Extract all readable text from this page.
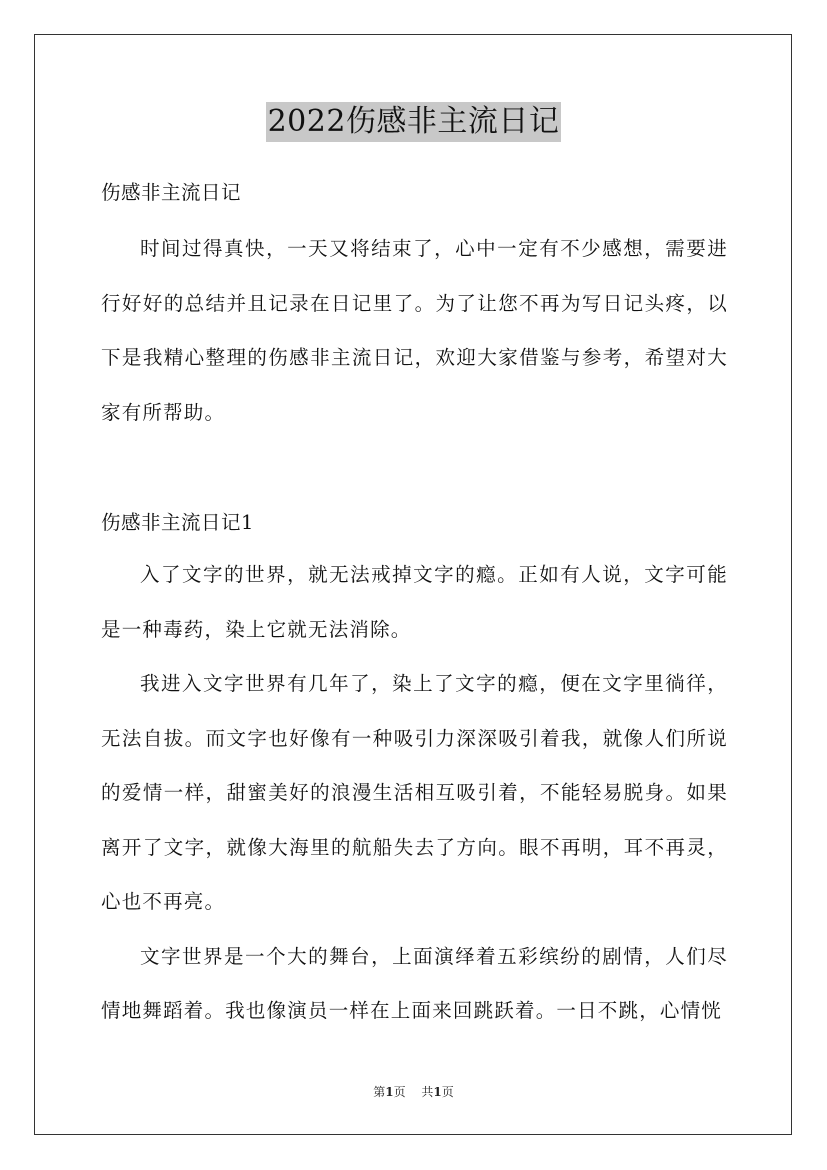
2022伤感非主流日记

伤感非主流日记

时间过得真快，一天又将结束了，心中一定有不少感想，需要进行好好的总结并且记录在日记里了。为了让您不再为写日记头疼，以下是我精心整理的伤感非主流日记，欢迎大家借鉴与参考，希望对大家有所帮助。

伤感非主流日记1

入了文字的世界，就无法戒掉文字的瘾。正如有人说，文字可能是一种毒药，染上它就无法消除。

我进入文字世界有几年了，染上了文字的瘾，便在文字里徜徉，无法自拔。而文字也好像有一种吸引力深深吸引着我，就像人们所说的爱情一样，甜蜜美好的浪漫生活相互吸引着，不能轻易脱身。如果离开了文字，就像大海里的航船失去了方向。眼不再明，耳不再灵，心也不再亮。

文字世界是一个大的舞台，上面演绎着五彩缤纷的剧情，人们尽情地舞蹈着。我也像演员一样在上面来回跳跃着。一日不跳，心情恍

第1页 共1页
